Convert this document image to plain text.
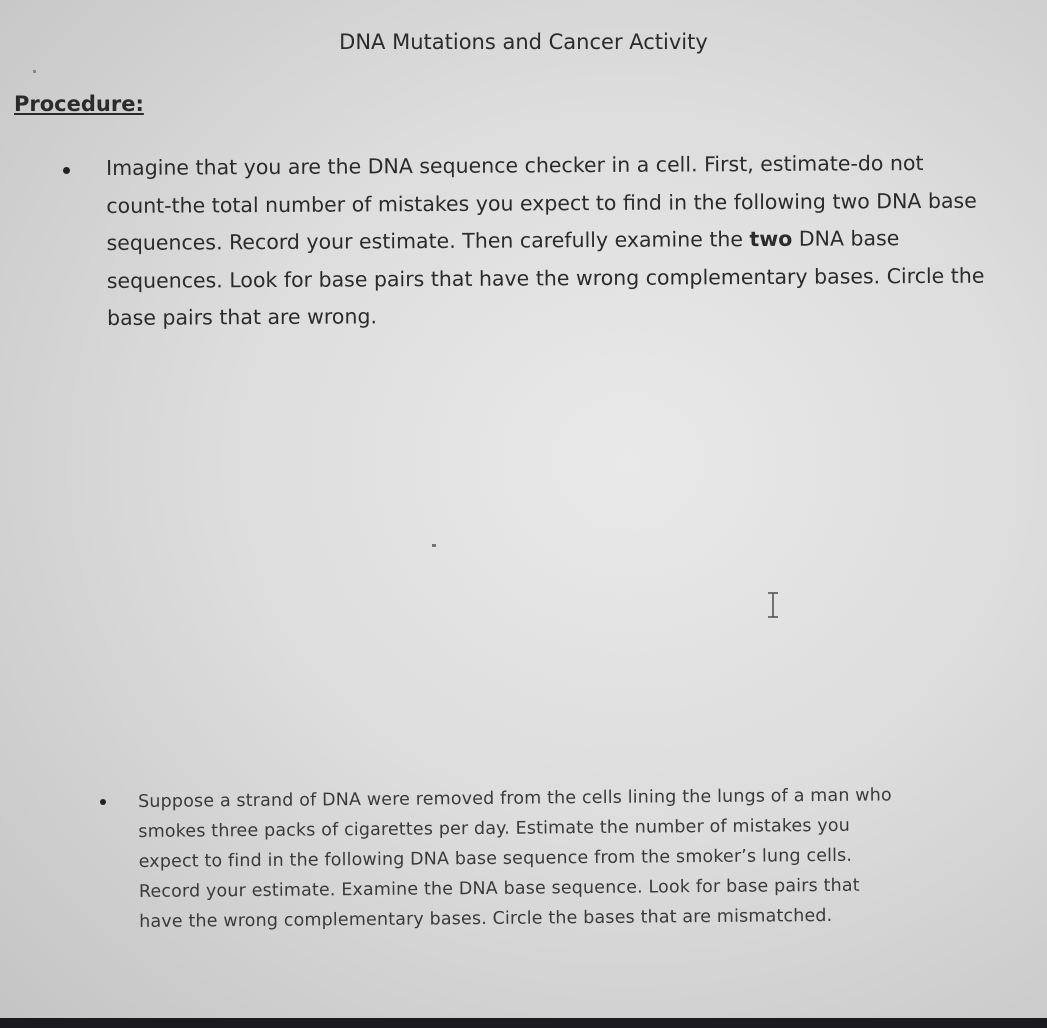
DNA Mutations and Cancer Activity
Procedure:
Imagine that you are the DNA sequence checker in a cell. First, estimate-do not
count-the total number of mistakes you expect to find in the following two DNA base
sequences. Record your estimate. Then carefully examine the two DNA base
sequences. Look for base pairs that have the wrong complementary bases. Circle the
base pairs that are wrong.
Suppose a strand of DNA were removed from the cells lining the lungs of a man who
smokes three packs of cigarettes per day. Estimate the number of mistakes you
expect to find in the following DNA base sequence from the smoker’s lung cells.
Record your estimate. Examine the DNA base sequence. Look for base pairs that
have the wrong complementary bases. Circle the bases that are mismatched.
